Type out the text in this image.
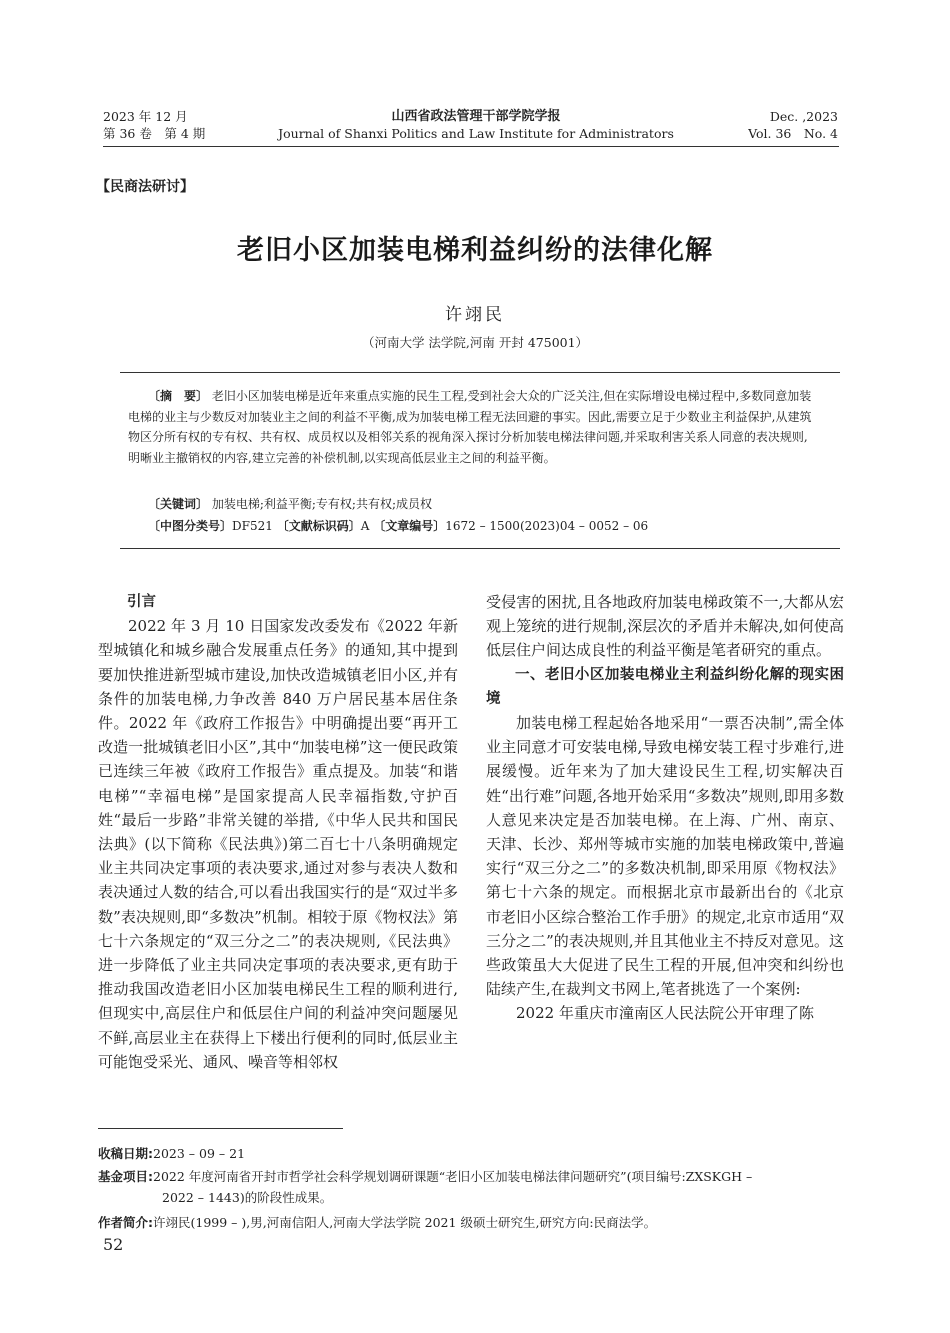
2023 年 12 月
第 36 卷　第 4 期
山西省政法管理干部学院学报
Journal of Shanxi Politics and Law Institute for Administrators
Dec. ,2023
Vol. 36　No. 4
【民商法研讨】
老旧小区加装电梯利益纠纷的法律化解
许翊民
（河南大学 法学院,河南 开封 475001）
〔摘　要〕 老旧小区加装电梯是近年来重点实施的民生工程,受到社会大众的广泛关注,但在实际增设电梯过程中,多数同意加装电梯的业主与少数反对加装业主之间的利益不平衡,成为加装电梯工程无法回避的事实。因此,需要立足于少数业主利益保护,从建筑物区分所有权的专有权、共有权、成员权以及相邻关系的视角深入探讨分析加装电梯法律问题,并采取利害关系人同意的表决规则,明晰业主撤销权的内容,建立完善的补偿机制,以实现高低层业主之间的利益平衡。
〔关键词〕 加装电梯;利益平衡;专有权;共有权;成员权
〔中图分类号〕DF521 〔文献标识码〕A 〔文章编号〕1672 – 1500(2023)04 – 0052 – 06
引言

2022 年 3 月 10 日国家发改委发布《2022 年新型城镇化和城乡融合发展重点任务》的通知,其中提到要加快推进新型城市建设,加快改造城镇老旧小区,并有条件的加装电梯,力争改善 840 万户居民基本居住条件。2022 年《政府工作报告》中明确提出要“再开工改造一批城镇老旧小区”,其中“加装电梯”这一便民政策已连续三年被《政府工作报告》重点提及。加装“和谐电梯”“幸福电梯”是国家提高人民幸福指数,守护百姓“最后一步路”非常关键的举措,《中华人民共和国民法典》(以下简称《民法典》)第二百七十八条明确规定业主共同决定事项的表决要求,通过对参与表决人数和表决通过人数的结合,可以看出我国实行的是“双过半多数”表决规则,即“多数决”机制。相较于原《物权法》第七十六条规定的“双三分之二”的表决规则,《民法典》进一步降低了业主共同决定事项的表决要求,更有助于推动我国改造老旧小区加装电梯民生工程的顺利进行,但现实中,高层住户和低层住户间的利益冲突问题屡见不鲜,高层业主在获得上下楼出行便利的同时,低层业主可能饱受采光、通风、噪音等相邻权

受侵害的困扰,且各地政府加装电梯政策不一,大都从宏观上笼统的进行规制,深层次的矛盾并未解决,如何使高低层住户间达成良性的利益平衡是笔者研究的重点。

一、老旧小区加装电梯业主利益纠纷化解的现实困境

加装电梯工程起始各地采用“一票否决制”,需全体业主同意才可安装电梯,导致电梯安装工程寸步难行,进展缓慢。近年来为了加大建设民生工程,切实解决百姓“出行难”问题,各地开始采用“多数决”规则,即用多数人意见来决定是否加装电梯。在上海、广州、南京、天津、长沙、郑州等城市实施的加装电梯政策中,普遍实行“双三分之二”的多数决机制,即采用原《物权法》第七十六条的规定。而根据北京市最新出台的《北京市老旧小区综合整治工作手册》的规定,北京市适用“双三分之二”的表决规则,并且其他业主不持反对意见。这些政策虽大大促进了民生工程的开展,但冲突和纠纷也陆续产生,在裁判文书网上,笔者挑选了一个案例:

2022 年重庆市潼南区人民法院公开审理了陈

收稿日期:2023 – 09 – 21
基金项目:2022 年度河南省开封市哲学社会科学规划调研课题“老旧小区加装电梯法律问题研究”(项目编号:ZXSKGH –
2022 – 1443)的阶段性成果。
作者简介:许翊民(1999 – ),男,河南信阳人,河南大学法学院 2021 级硕士研究生,研究方向:民商法学。
52
